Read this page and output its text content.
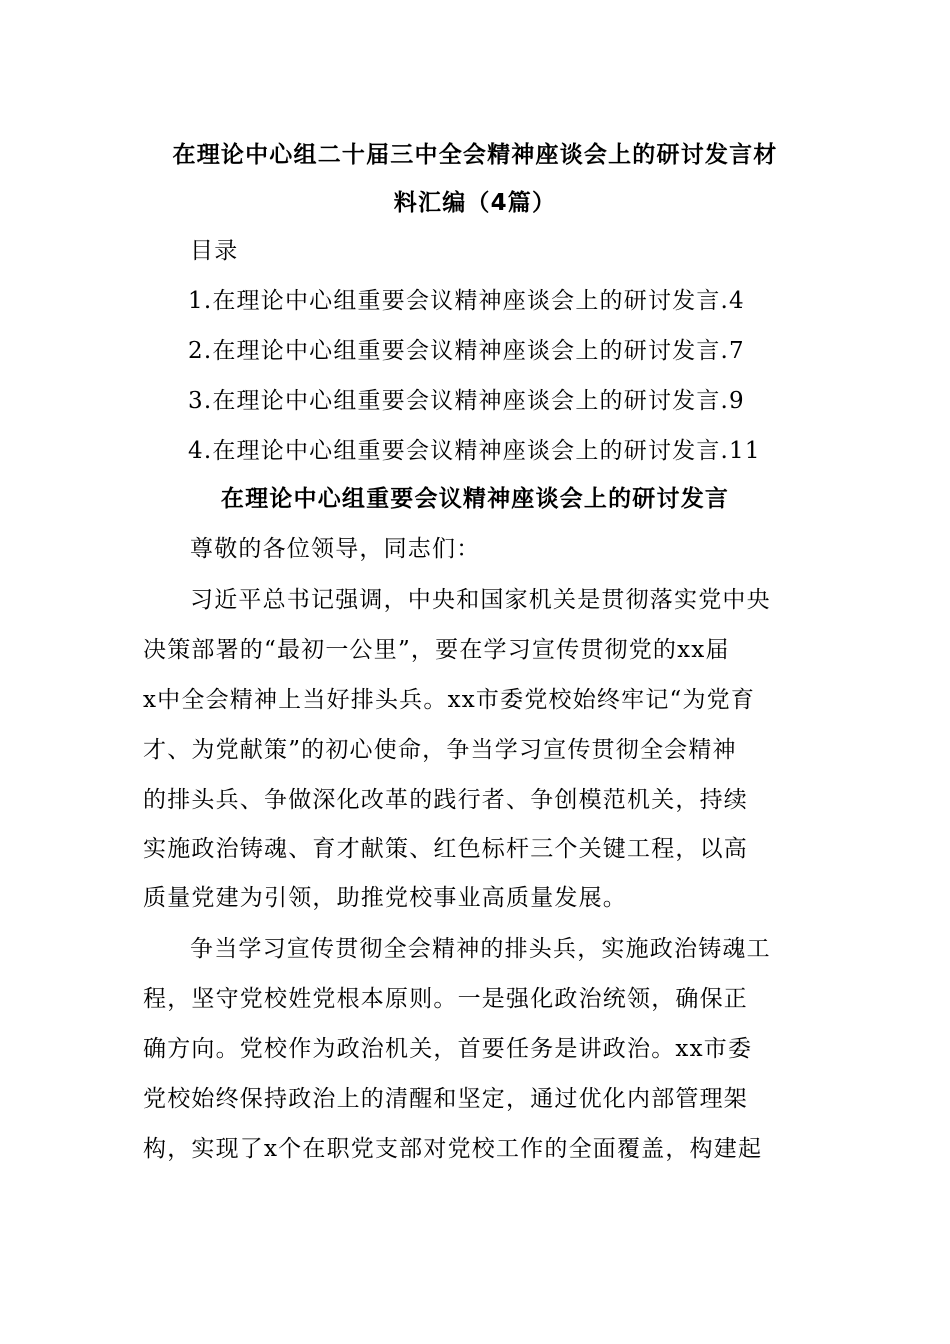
在理论中心组二十届三中全会精神座谈会上的研讨发言材
料汇编（4篇）
目录
1.在理论中心组重要会议精神座谈会上的研讨发言.4
2.在理论中心组重要会议精神座谈会上的研讨发言.7
3.在理论中心组重要会议精神座谈会上的研讨发言.9
4.在理论中心组重要会议精神座谈会上的研讨发言.11
在理论中心组重要会议精神座谈会上的研讨发言
尊敬的各位领导，同志们：
习近平总书记强调，中央和国家机关是贯彻落实党中央
决策部署的“最初一公里”，要在学习宣传贯彻党的xx届
x中全会精神上当好排头兵。xx市委党校始终牢记“为党育
才、为党献策”的初心使命，争当学习宣传贯彻全会精神
的排头兵、争做深化改革的践行者、争创模范机关，持续
实施政治铸魂、育才献策、红色标杆三个关键工程，以高
质量党建为引领，助推党校事业高质量发展。
争当学习宣传贯彻全会精神的排头兵，实施政治铸魂工
程，坚守党校姓党根本原则。一是强化政治统领，确保正
确方向。党校作为政治机关，首要任务是讲政治。xx市委
党校始终保持政治上的清醒和坚定，通过优化内部管理架
构，实现了x个在职党支部对党校工作的全面覆盖，构建起
